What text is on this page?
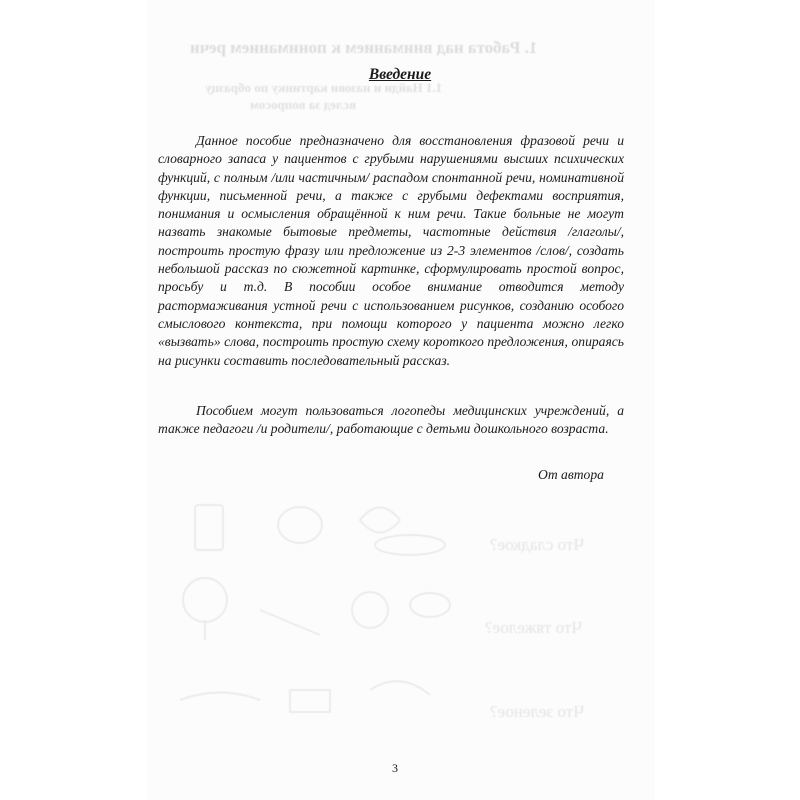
1. Работа над вниманием к пониманием речи
1.1 Найди и назови картинку по образцу
вслед за вопросом
Что сладкое?
Что тяжелое?
Что зеленое?
Введение

Данное пособие предназначено для восстановления фразовой речи и словарного запаса у пациентов с грубыми нарушениями высших психических функций, с полным /или частичным/ распадом спонтанной речи, номинативной функции, письменной речи, а также с грубыми дефектами восприятия, понимания и осмысления обращённой к ним речи. Такие больные не могут назвать знакомые бытовые предметы, частотные действия /глаголы/, построить простую фразу или предложение из 2-3 элементов /слов/, создать небольшой рассказ по сюжетной картинке, сформулировать простой вопрос, просьбу и т.д. В пособии особое внимание отводится методу растормаживания устной речи с использованием рисунков, созданию особого смыслового контекста, при помощи которого у пациента можно легко «вызвать» слова, построить простую схему короткого предложения, опираясь на рисунки составить последовательный рассказ.

Пособием могут пользоваться логопеды медицинских учреждений, а также педагоги /и родители/, работающие с детьми дошкольного возраста.

От автора
3
